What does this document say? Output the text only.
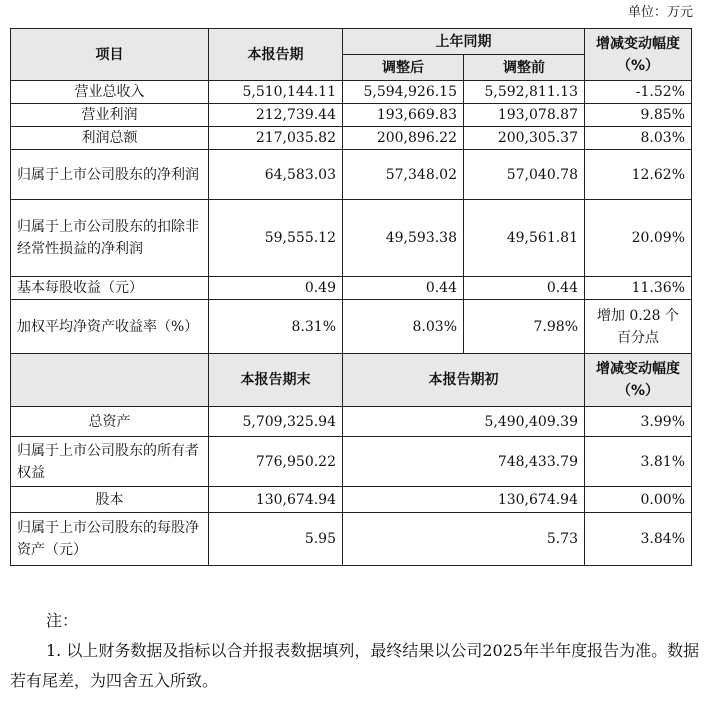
单位：万元
项目	本报告期	上年同期		增减变动幅度（%）
		调整后	调整前	
营业总收入	5,510,144.11	5,594,926.15	5,592,811.13	-1.52%
营业利润	212,739.44	193,669.83	193,078.87	9.85%
利润总额	217,035.82	200,896.22	200,305.37	8.03%
归属于上市公司股东的净利润	64,583.03	57,348.02	57,040.78	12.62%
归属于上市公司股东的扣除非经常性损益的净利润	59,555.12	49,593.38	49,561.81	20.09%
基本每股收益（元）	0.49	0.44	0.44	11.36%
加权平均净资产收益率（%）	8.31%	8.03%	7.98%	增加 0.28 个百分点
	本报告期末	本报告期初		增减变动幅度（%）
总资产	5,709,325.94	5,490,409.39		3.99%
归属于上市公司股东的所有者权益	776,950.22	748,433.79		3.81%
股本	130,674.94	130,674.94		0.00%
归属于上市公司股东的每股净资产（元）	5.95	5.73		3.84%
注：

1. 以上财务数据及指标以合并报表数据填列，最终结果以公司2025年半年度报告为准。数据若有尾差，为四舍五入所致。
